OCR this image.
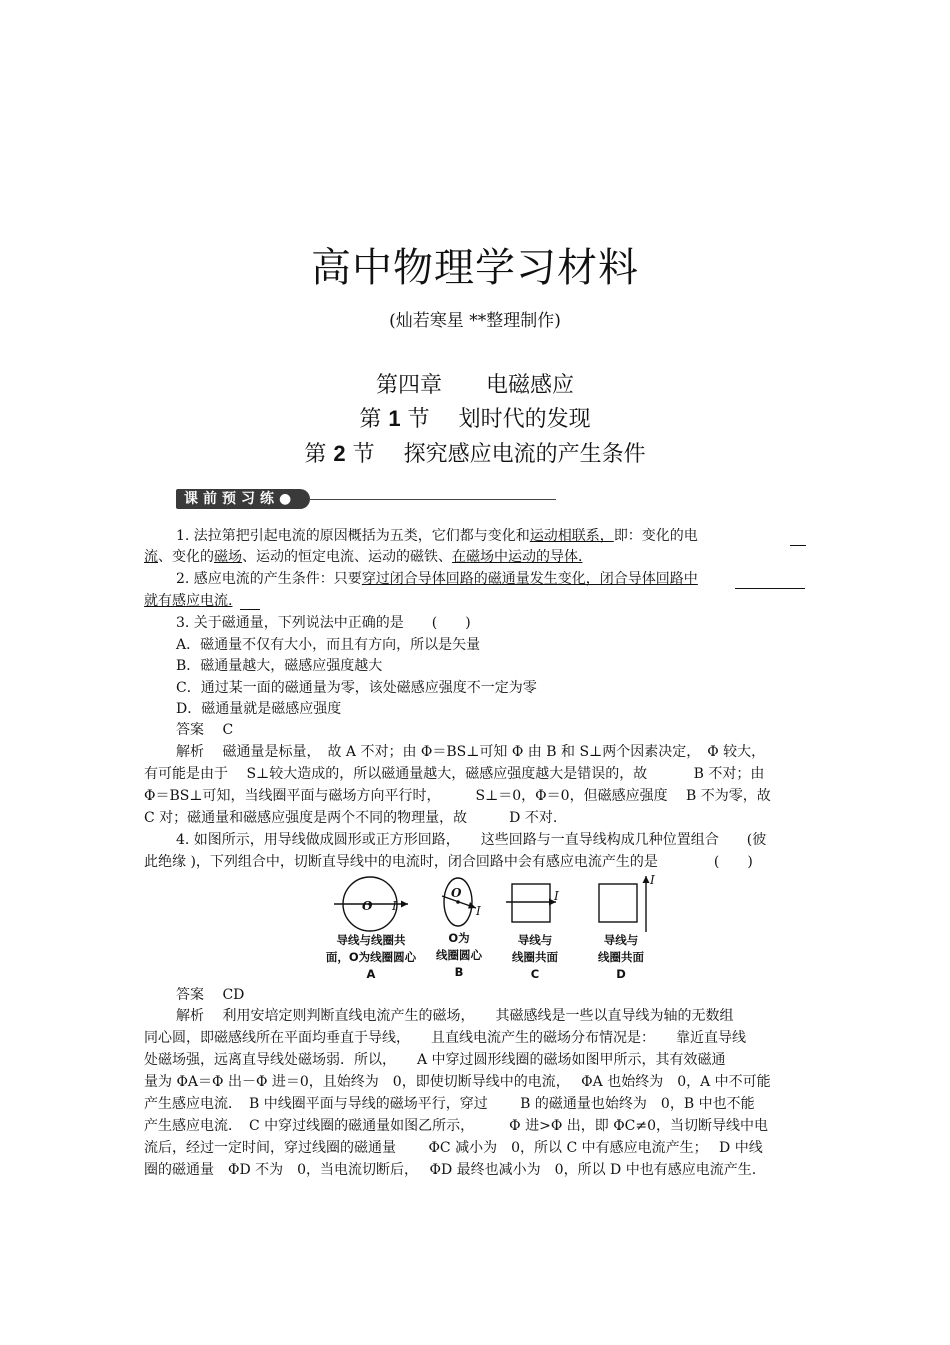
高中物理学习材料
(灿若寒星 **整理制作)
第四章　　电磁感应
第 1 节　 划时代的发现
第 2 节　 探究感应电流的产生条件
课前预习练●
1. 法拉第把引起电流的原因概括为五类，它们都与变化和运动相联系，即：变化的电
流、变化的磁场、运动的恒定电流、运动的磁铁、在磁场中运动的导体.
2. 感应电流的产生条件：只要穿过闭合导体回路的磁通量发生变化，闭合导体回路中
就有感应电流.
3. 关于磁通量，下列说法中正确的是　　(　　)
A．磁通量不仅有大小，而且有方向，所以是矢量
B．磁通量越大，磁感应强度越大
C．通过某一面的磁通量为零，该处磁感应强度不一定为零
D．磁通量就是磁感应强度
答案　 C
解析　 磁通量是标量，　故 A 不对；由 Φ＝BS⊥可知 Φ 由 B 和 S⊥两个因素决定，　Φ 较大，
有可能是由于　 S⊥较大造成的，所以磁通量越大，磁感应强度越大是错误的，故　　　 B 不对；由
Φ＝BS⊥可知，当线圈平面与磁场方向平行时，　　　S⊥＝0，Φ＝0，但磁感应强度　 B 不为零，故
C 对；磁通量和磁感应强度是两个不同的物理量，故　　　D 不对.
4. 如图所示，用导线做成圆形或正方形回路，　　这些回路与一直导线构成几种位置组合　　(彼
此绝缘 )，下列组合中，切断直导线中的电流时，闭合回路中会有感应电流产生的是　　　　(　　)
O I
O
I
I
I
导线与线圈共
面，O为线圈圆心
A
O为
线圈圆心
B
导线与
线圈共面
C
导线与
线圈共面
D
答案　 CD
解析　 利用安培定则判断直线电流产生的磁场，　　其磁感线是一些以直导线为轴的无数组
同心圆，即磁感线所在平面均垂直于导线，　　且直线电流产生的磁场分布情况是：　　靠近直导线
处磁场强，远离直导线处磁场弱．所以，　　A 中穿过圆形线圈的磁场如图甲所示，其有效磁通
量为 ΦA＝Φ 出－Φ 进＝0，且始终为　0，即使切断导线中的电流，　 ΦA 也始终为　0，A 中不可能
产生感应电流．　B 中线圈平面与导线的磁场平行，穿过　　 B 的磁通量也始终为　0，B 中也不能
产生感应电流．　C 中穿过线圈的磁通量如图乙所示，　　　Φ 进>Φ 出，即 ΦC≠0，当切断导线中电
流后，经过一定时间，穿过线圈的磁通量　　 ΦC 减小为　0，所以 C 中有感应电流产生；　 D 中线
圈的磁通量　ΦD 不为　0，当电流切断后，　 ΦD 最终也减小为　0，所以 D 中也有感应电流产生.
